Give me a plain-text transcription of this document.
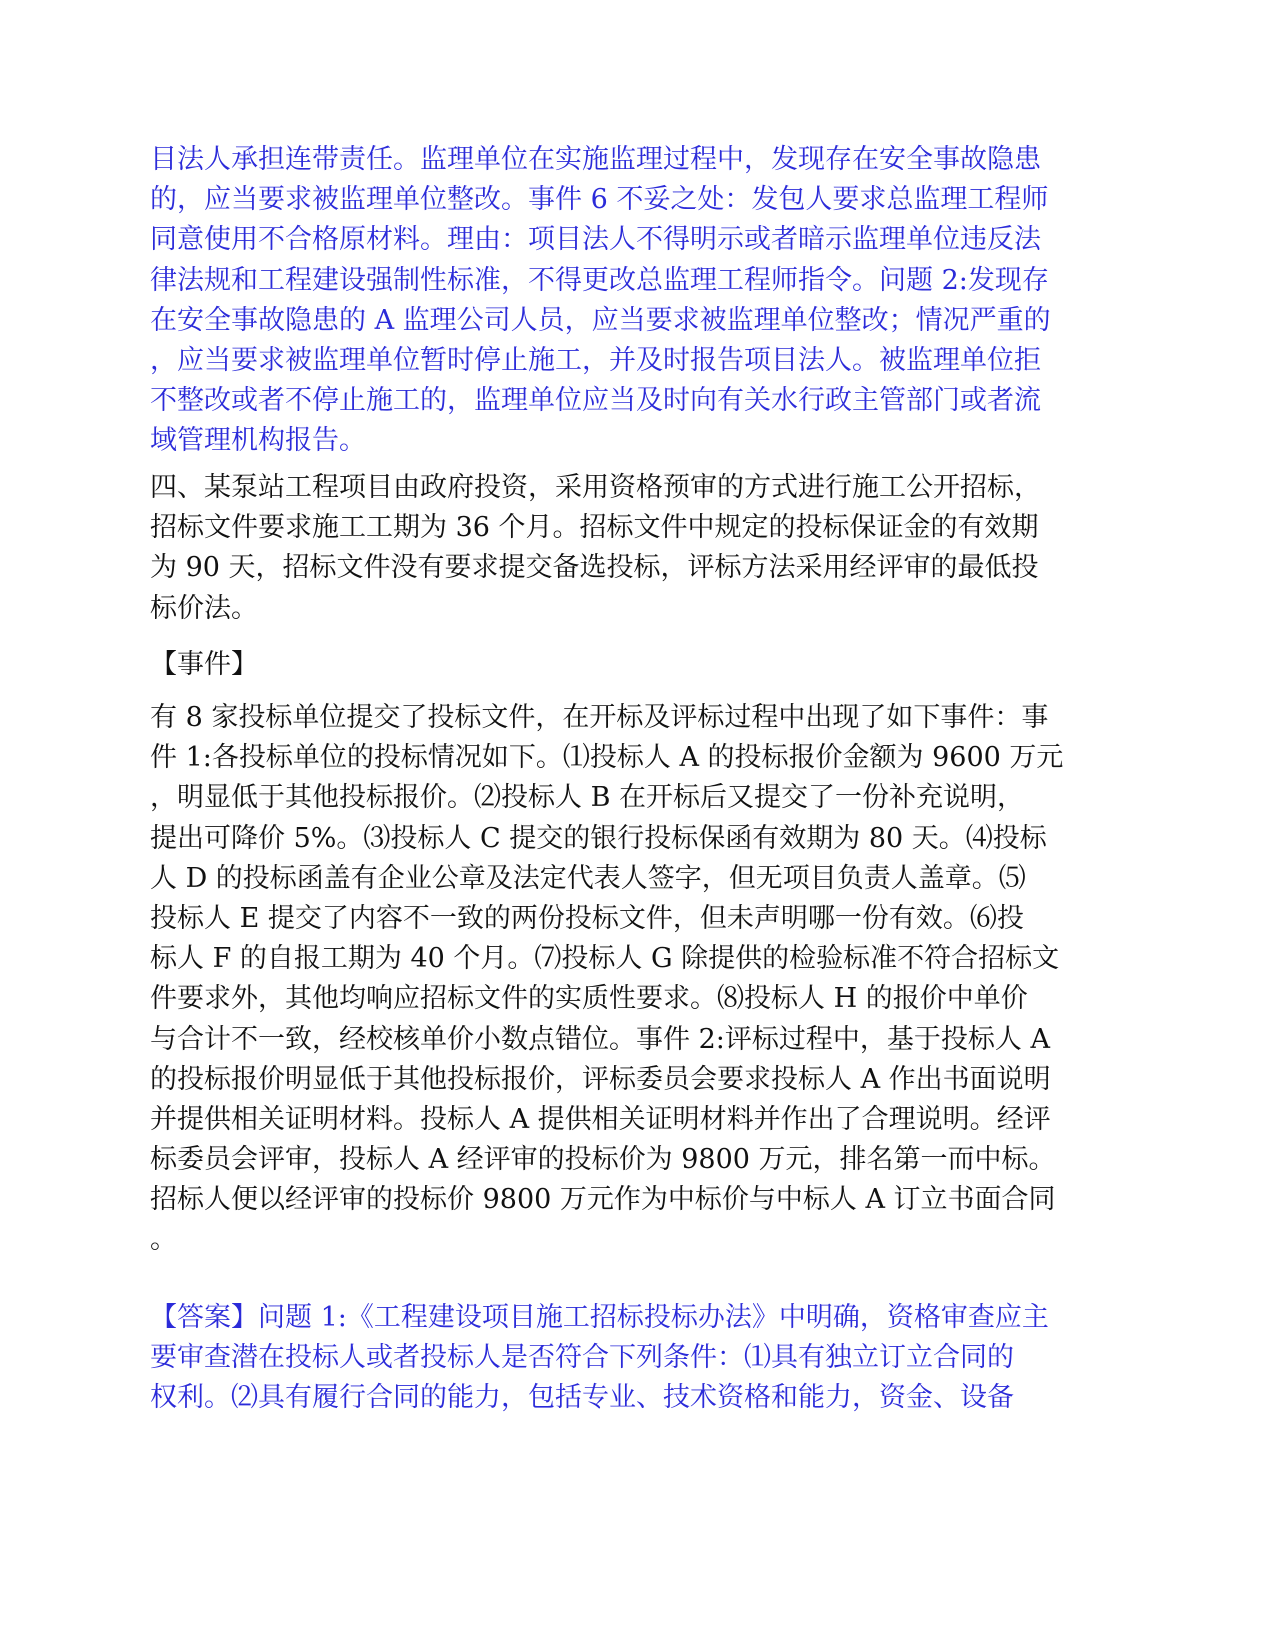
目法人承担连带责任。监理单位在实施监理过程中，发现存在安全事故隐患
的，应当要求被监理单位整改。事件 6 不妥之处：发包人要求总监理工程师
同意使用不合格原材料。理由：项目法人不得明示或者暗示监理单位违反法
律法规和工程建设强制性标准，不得更改总监理工程师指令。问题 2:发现存
在安全事故隐患的 A 监理公司人员，应当要求被监理单位整改；情况严重的
，应当要求被监理单位暂时停止施工，并及时报告项目法人。被监理单位拒
不整改或者不停止施工的，监理单位应当及时向有关水行政主管部门或者流
域管理机构报告。
四、某泵站工程项目由政府投资，采用资格预审的方式进行施工公开招标，
招标文件要求施工工期为 36 个月。招标文件中规定的投标保证金的有效期
为 90 天，招标文件没有要求提交备选投标，评标方法采用经评审的最低投
标价法。
【事件】
有 8 家投标单位提交了投标文件，在开标及评标过程中出现了如下事件：事
件 1:各投标单位的投标情况如下。⑴投标人 A 的投标报价金额为 9600 万元
，明显低于其他投标报价。⑵投标人 B 在开标后又提交了一份补充说明，
提出可降价 5%。⑶投标人 C 提交的银行投标保函有效期为 80 天。⑷投标
人 D 的投标函盖有企业公章及法定代表人签字，但无项目负责人盖章。⑸
投标人 E 提交了内容不一致的两份投标文件，但未声明哪一份有效。⑹投
标人 F 的自报工期为 40 个月。⑺投标人 G 除提供的检验标准不符合招标文
件要求外，其他均响应招标文件的实质性要求。⑻投标人 H 的报价中单价
与合计不一致，经校核单价小数点错位。事件 2:评标过程中，基于投标人 A
的投标报价明显低于其他投标报价，评标委员会要求投标人 A 作出书面说明
并提供相关证明材料。投标人 A 提供相关证明材料并作出了合理说明。经评
标委员会评审，投标人 A 经评审的投标价为 9800 万元，排名第一而中标。
招标人便以经评审的投标价 9800 万元作为中标价与中标人 A 订立书面合同
。
【答案】问题 1:《工程建设项目施工招标投标办法》中明确，资格审查应主
要审查潜在投标人或者投标人是否符合下列条件：⑴具有独立订立合同的
权利。⑵具有履行合同的能力，包括专业、技术资格和能力，资金、设备
